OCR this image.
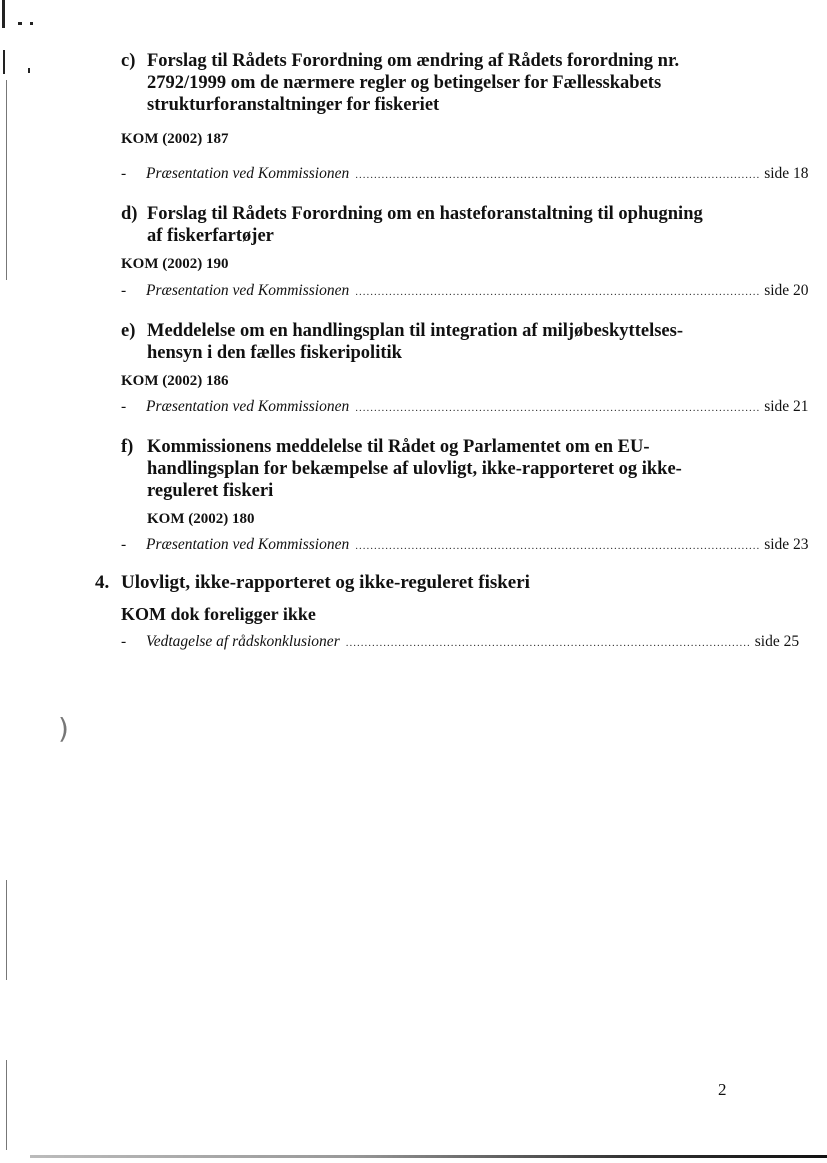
)
c) Forslag til Rådets Forordning om ændring af Rådets forordning nr.
2792/1999 om de nærmere regler og betingelser for Fællesskabets
strukturforanstaltninger for fiskeriet
KOM (2002) 187
-	Præsentation ved Kommissionen ............................................................................................................ side 18
d) Forslag til Rådets Forordning om en hasteforanstaltning til ophugning
af fiskerfartøjer
KOM (2002) 190
-	Præsentation ved Kommissionen ............................................................................................................ side 20
e) Meddelelse om en handlingsplan til integration af miljøbeskyttelses-
hensyn i den fælles fiskeripolitik
KOM (2002) 186
-	Præsentation ved Kommissionen ............................................................................................................ side 21
f) Kommissionens meddelelse til Rådet og Parlamentet om en EU-
handlingsplan for bekæmpelse af ulovligt, ikke-rapporteret og ikke-
reguleret fiskeri
KOM (2002) 180
-	Præsentation ved Kommissionen ............................................................................................................ side 23
4. Ulovligt, ikke-rapporteret og ikke-reguleret fiskeri
KOM dok foreligger ikke
-	Vedtagelse af rådskonklusioner ............................................................................................................ side 25
2
